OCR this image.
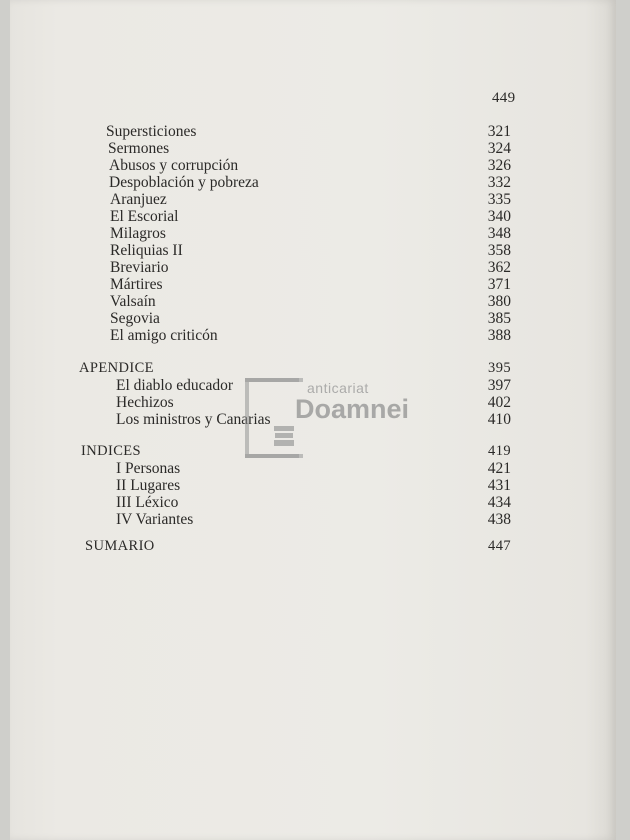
449
Supersticiones	321
Sermones	324
Abusos y corrupción	326
Despoblación y pobreza	332
Aranjuez	335
El Escorial	340
Milagros	348
Reliquias II	358
Breviario	362
Mártires	371
Valsaín	380
Segovia	385
El amigo criticón	388
APENDICE	395
El diablo educador	397
Hechizos	402
Los ministros y Canarias	410
INDICES	419
I Personas	421
II Lugares	431
III Léxico	434
IV Variantes	438
SUMARIO	447
anticariat
Doamnei
